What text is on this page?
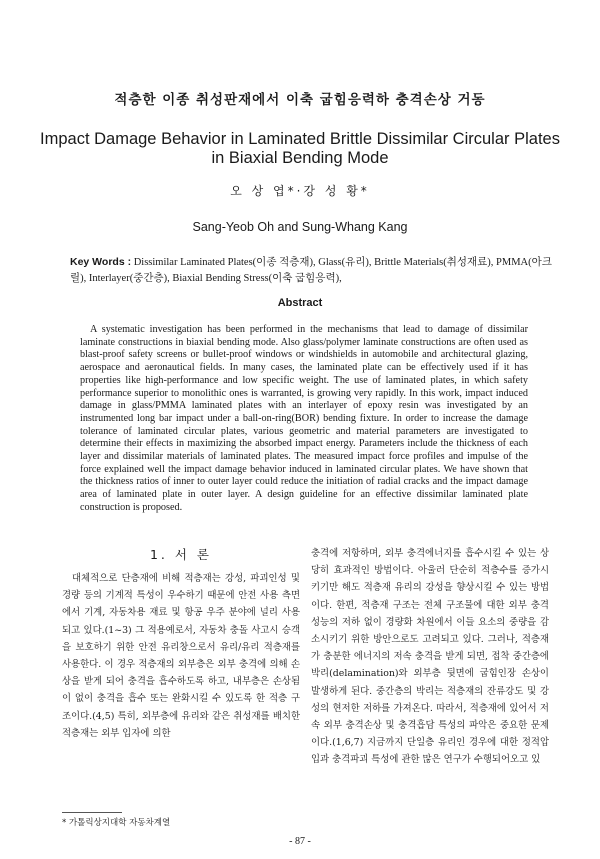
적층한 이종 취성판재에서 이축 굽힘응력하 충격손상 거동
Impact Damage Behavior in Laminated Brittle Dissimilar Circular Plates in Biaxial Bending Mode
오 상 엽*·강 성 황*
Sang-Yeob Oh and Sung-Whang Kang
Key Words : Dissimilar Laminated Plates(이종 적층재), Glass(유리), Brittle Materials(취성재료), PMMA(아크릴), Interlayer(중간층), Biaxial Bending Stress(이축 굽힘응력),
Abstract
A systematic investigation has been performed in the mechanisms that lead to damage of dissimilar laminate constructions in biaxial bending mode. Also glass/polymer laminate constructions are often used as blast-proof safety screens or bullet-proof windows or windshields in automobile and architectural glazing, aerospace and aeronautical fields. In many cases, the laminated plate can be effectively used if it has properties like high-performance and low specific weight. The use of laminated plates, in which safety performance superior to monolithic ones is warranted, is growing very rapidly. In this work, impact induced damage in glass/PMMA laminated plates with an interlayer of epoxy resin was investigated by an instrumented long bar impact under a ball-on-ring(BOR) bending fixture. In order to increase the damage tolerance of laminated circular plates, various geometric and material parameters are investigated to determine their effects in maximizing the absorbed impact energy. Parameters include the thickness of each layer and dissimilar materials of laminated plates. The measured impact force profiles and impulse of the force explained well the impact damage behavior induced in laminated circular plates. We have shown that the thickness ratios of inner to outer layer could reduce the initiation of radial cracks and the impact damage area of laminated plate in outer layer. A design guideline for an effective dissimilar laminated plate construction is proposed.
1. 서 론
대체적으로 단층재에 비해 적층재는 강성, 파괴인성 및 경량 등의 기계적 특성이 우수하기 때문에 안전 사용 측면에서 기계, 자동차용 재료 및 항공 우주 분야에 널리 사용되고 있다.(1~3) 그 적용예로서, 자동차 충돌 사고시 승객을 보호하기 위한 안전 유리창으로서 유리/유리 적층재를 사용한다. 이 경우 적층재의 외부층은 외부 충격에 의해 손상을 받게 되어 충격을 흡수하도록 하고, 내부층은 손상됨이 없이 충격을 흡수 또는 완화시킬 수 있도록 한 적층 구조이다.(4,5) 특히, 외부층에 유리와 같은 취성재를 배치한 적층재는 외부 입자에 의한
충격에 저항하며, 외부 충격에너지를 흡수시킬 수 있는 상당히 효과적인 방법이다. 아울러 단순히 적층수를 증가시키기만 해도 적층재 유리의 강성을 향상시킬 수 있는 방법이다. 한편, 적층재 구조는 전체 구조물에 대한 외부 충격성능의 저하 없이 경량화 차원에서 이들 요소의 중량을 감소시키기 위한 방안으로도 고려되고 있다. 그러나, 적층재가 충분한 에너지의 저속 충격을 받게 되면, 접착 중간층에 박리(delamination)와 외부층 뒷면에 굽힘인장 손상이 발생하게 된다. 중간층의 박리는 적층재의 잔류강도 및 강성의 현저한 저하를 가져온다. 따라서, 적층재에 있어서 저속 외부 충격손상 및 충격흡담 특성의 파악은 중요한 문제이다.(1,6,7) 지금까지 단일층 유리인 경우에 대한 정적압입과 충격파괴 특성에 관한 많은 연구가 수행되어오고 있
* 가톨릭상지대학 자동차계열
- 87 -
